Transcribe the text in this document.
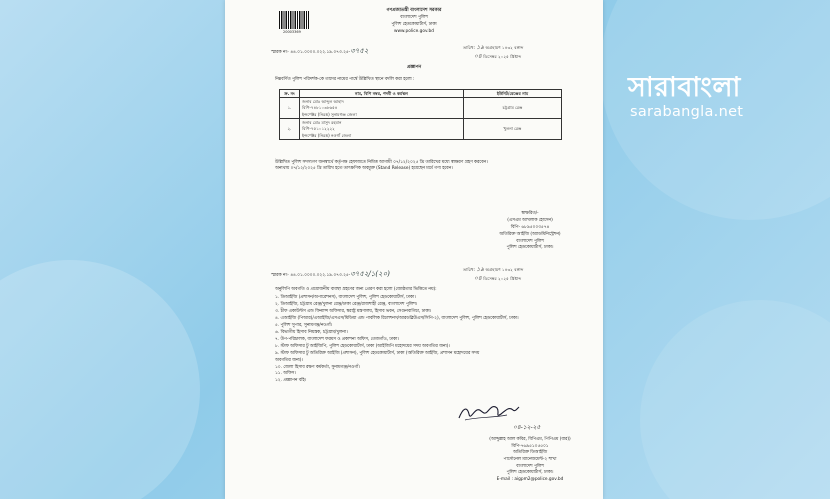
20003369
গণপ্রজাতন্ত্রী বাংলাদেশ সরকার
বাংলাদেশ পুলিশ
পুলিশ হেডকোয়ার্টার্স, ঢাকা
www.police.gov.bd
স্মারক নং- ৪৪.০১.০০০০.০২২.১৯.০৭৩.২৫-৩৭৫২	তারিখ: ১৯ অগ্রহায়ণ ১৪৩২ বঙ্গাব্দ
০৪ ডিসেম্বর ২০২৫ খ্রিষ্টাব্দ
প্রজ্ঞাপন
নিম্নবর্ণিত পুলিশ পরিদর্শক-কে তাদের নামের পার্শ্বে উল্লিখিত স্থানে বদলি করা হলো :
ক্র. নং	নাম, বিপি নম্বর, পদবী ও কর্মস্থল	ইউনিট/রেঞ্জের নাম
১.	জনাব মোঃ আব্দুল আহাদ
বিপি-৭৪৮১০৩৮৬৫৪
ইন্সপেক্টর (নিরস্ত্র) সুনামগঞ্জ জেলা	চট্টগ্রাম রেঞ্জ
২.	জনাব মোঃ মাসুদ রহমান
বিপি-৭৫১০১২২২২
ইন্সপেক্টর (নিরস্ত্র) নওগাঁ জেলা	খুলনা রেঞ্জ
উল্লিখিত পুলিশ সদস্যগণ জনস্বার্থে কর্তৃপক্ষ হেফাজতে নিমিত্ত আগামী ০৭/১২/২০২৫ খ্রি তারিখের মধ্যে স্বাক্ষরণ গ্রহণ করবেন।
অন্যথায় ০৭/১২/২০২৫ খ্রি তারিখ হতে তাৎক্ষণিক অবমুক্ত (Stand Release) হয়েছেন মর্মে গণ্য হবেন।
স্বাক্ষরিত/-
(এসএম আখলাক হোসেন)
বিপি- ৬৮৯৫০০৩৫৭৪
অতিরিক্ত আইজি (অ্যাডমিনিস্ট্রেশন)
বাংলাদেশ পুলিশ
পুলিশ হেডকোয়ার্টার্স, ঢাকা।
স্মারক নং- ৪৪.০১.০০০০.০২২.১৯.০৭৩.২৫-৩৭৫২/১(২০)
তারিখ: ১৯ অগ্রহায়ণ ১৪৩২ বঙ্গাব্দ
০৪ ডিসেম্বর ২০২৫ খ্রিষ্টাব্দ
অনুলিপি অবগতি ও প্রয়োজনীয় ব্যবস্থা গ্রহণের জন্য প্রেরণ করা হলো (জ্যেষ্ঠতার ভিত্তিতে নয়):
১. ডিআইজি (প্রশাসন/অপারেশনস), বাংলাদেশ পুলিশ, পুলিশ হেডকোয়ার্টার্স, ঢাকা।
২. ডিআইজি, চট্টগ্রাম রেঞ্জ/খুলনা রেঞ্জ/ঢাকা রেঞ্জ/রাজশাহী রেঞ্জ, বাংলাদেশ পুলিশ।
৩. চীফ একাউন্টস এন্ড ফিন্যান্স অফিসার, স্বরাষ্ট্র মন্ত্রণালয়, হিসাব ভবন, সেগুনবাগিচা, ঢাকা।
৪. এআইজি (পিআর)/এআইজি/এসএস/মিডিয়া এন্ড পাবলিক রিলেশনস/আরডব্লিউএস/সিপি-২), বাংলাদেশ পুলিশ, পুলিশ হেডকোয়ার্টার্স, ঢাকা।
৫. পুলিশ সুপার, সুনামগঞ্জ/নওগাঁ।
৬. বিভাগীয় হিসাব নিয়ন্ত্রক, চট্টগ্রাম/খুলনা।
৭. উপ-পরিচালক, বাংলাদেশ ফরমস ও প্রকাশনা অফিস, তেজগাঁও, ঢাকা।
৮. স্টাফ অফিসার টু আইজিপি, পুলিশ হেডকোয়ার্টার্স, ঢাকা (আইজিপি মহোদয়ের সদয় অবগতির জন্য)।
৯. স্টাফ অফিসার টু অতিরিক্ত আইজি (প্রশাসন), পুলিশ হেডকোয়ার্টার্স, ঢাকা (অতিরিক্ত আইজি, প্রশাসন মহোদয়ের সদয়
অবগতির জন্য)।
১০. জেলা হিসাব রক্ষণ কর্মকর্তা, সুনামগঞ্জ/নওগাঁ।
১১. অফিস।
১২. প্রজ্ঞাপন বহি।
০৪-১২-২৫
(আব্দুল্লাহ আল কবির, বিপিএম, পিপিএম (বার))
বিপি-৭৬৯৫১০৫৫০১
অতিরিক্ত ডিআইজি
পার্সোনেল ম্যানেজমেন্ট-২ শাখা
বাংলাদেশ পুলিশ
পুলিশ হেডকোয়ার্টার্স, ঢাকা।
E-mail : aigpm2@police.gov.bd
সারাবাংলা
sarabangla.net
